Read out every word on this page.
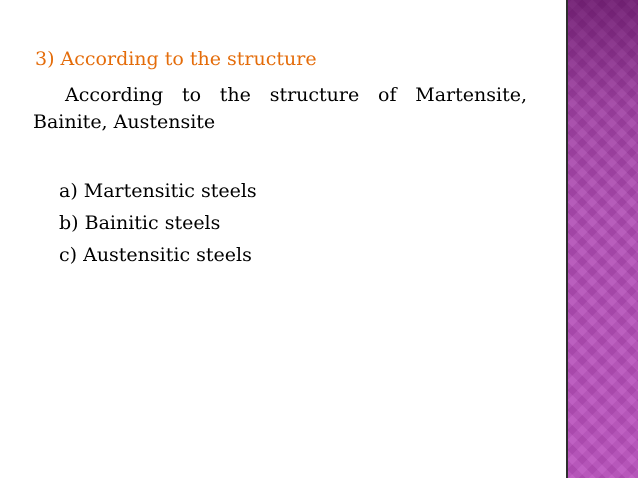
3) According to the structure
According to the structure of Martensite, Bainite, Austensite
a) Martensitic steels
b) Bainitic steels
c) Austensitic steels
